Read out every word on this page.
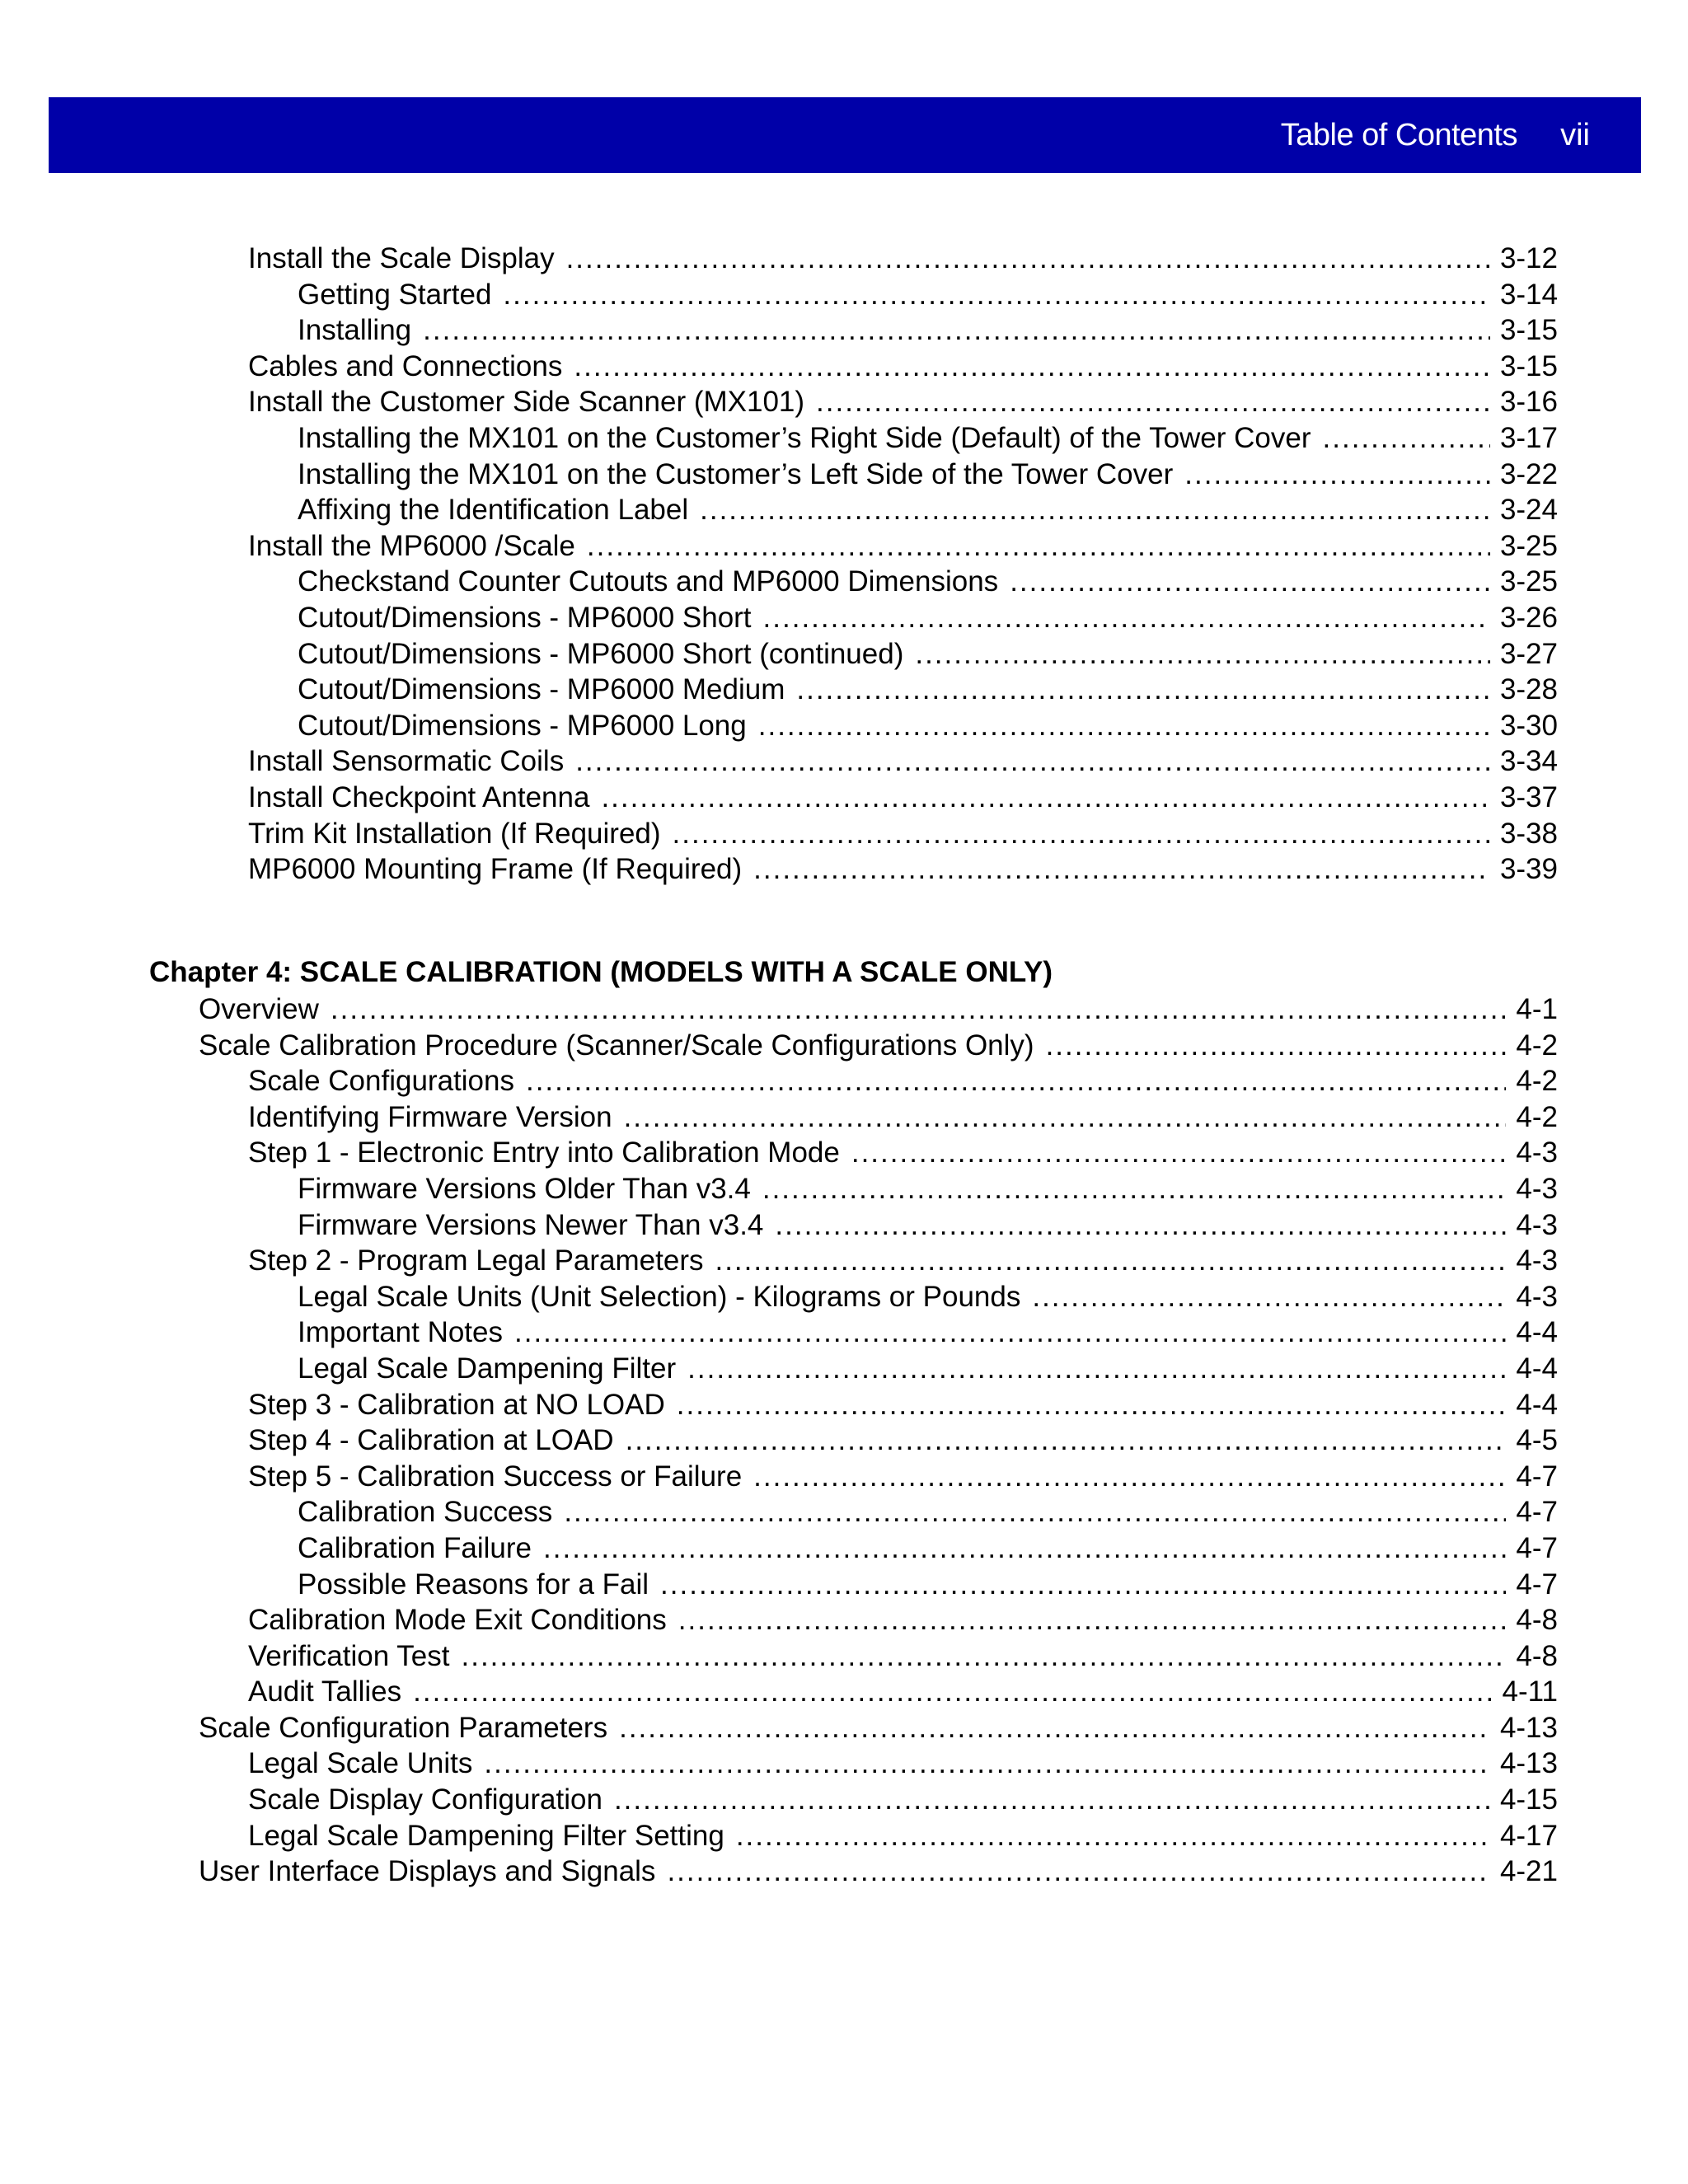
Table of Contents vii
Install the Scale Display .....	3-12
Getting Started .....	3-14
Installing .....	3-15
Cables and Connections .....	3-15
Install the Customer Side Scanner (MX101) .....	3-16
Installing the MX101 on the Customer’s Right Side (Default) of the Tower Cover .....	3-17
Installing the MX101 on the Customer’s Left Side of the Tower Cover .....	3-22
Affixing the Identification Label .....	3-24
Install the MP6000 /Scale .....	3-25
Checkstand Counter Cutouts and MP6000 Dimensions .....	3-25
Cutout/Dimensions - MP6000 Short .....	3-26
Cutout/Dimensions - MP6000 Short (continued) .....	3-27
Cutout/Dimensions - MP6000 Medium .....	3-28
Cutout/Dimensions - MP6000 Long .....	3-30
Install Sensormatic Coils .....	3-34
Install Checkpoint Antenna .....	3-37
Trim Kit Installation (If Required) .....	3-38
MP6000 Mounting Frame (If Required) .....	3-39
Chapter 4: SCALE CALIBRATION (MODELS WITH A SCALE ONLY)
Overview .....	4-1
Scale Calibration Procedure (Scanner/Scale Configurations Only) .....	4-2
Scale Configurations .....	4-2
Identifying Firmware Version .....	4-2
Step 1 - Electronic Entry into Calibration Mode .....	4-3
Firmware Versions Older Than v3.4 .....	4-3
Firmware Versions Newer Than v3.4 .....	4-3
Step 2 - Program Legal Parameters .....	4-3
Legal Scale Units (Unit Selection) - Kilograms or Pounds .....	4-3
Important Notes .....	4-4
Legal Scale Dampening Filter .....	4-4
Step 3 - Calibration at NO LOAD .....	4-4
Step 4 - Calibration at LOAD .....	4-5
Step 5 - Calibration Success or Failure .....	4-7
Calibration Success .....	4-7
Calibration Failure .....	4-7
Possible Reasons for a Fail .....	4-7
Calibration Mode Exit Conditions .....	4-8
Verification Test .....	4-8
Audit Tallies .....	4-11
Scale Configuration Parameters .....	4-13
Legal Scale Units .....	4-13
Scale Display Configuration .....	4-15
Legal Scale Dampening Filter Setting .....	4-17
User Interface Displays and Signals .....	4-21
